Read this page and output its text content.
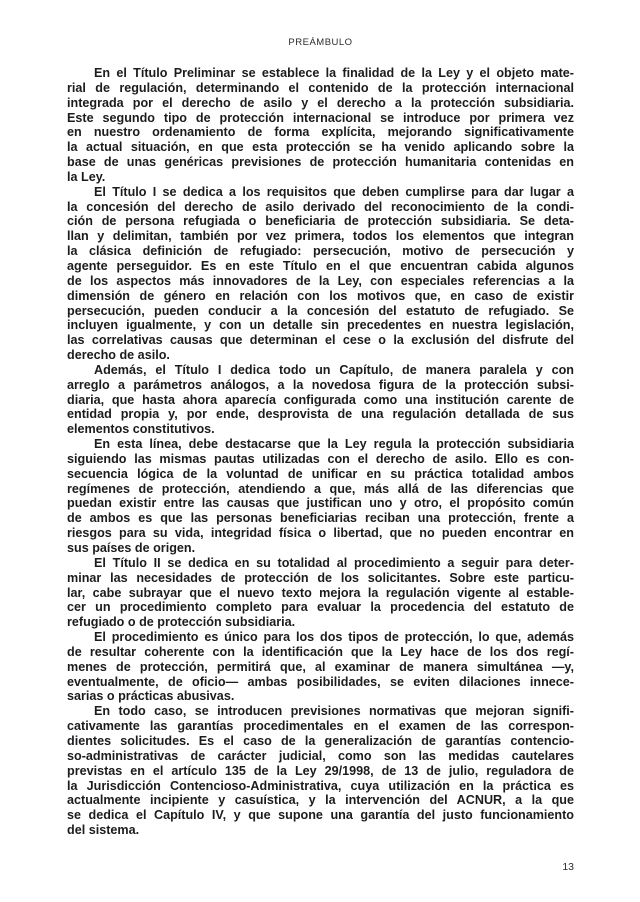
PREÁMBULO
En el Título Preliminar se establece la finalidad de la Ley y el objeto mate-
rial de regulación, determinando el contenido de la protección internacional
integrada por el derecho de asilo y el derecho a la protección subsidiaria.
Este segundo tipo de protección internacional se introduce por primera vez
en nuestro ordenamiento de forma explícita, mejorando significativamente
la actual situación, en que esta protección se ha venido aplicando sobre la
base de unas genéricas previsiones de protección humanitaria contenidas en
la Ley.
El Título I se dedica a los requisitos que deben cumplirse para dar lugar a
la concesión del derecho de asilo derivado del reconocimiento de la condi-
ción de persona refugiada o beneficiaria de protección subsidiaria. Se deta-
llan y delimitan, también por vez primera, todos los elementos que integran
la clásica definición de refugiado: persecución, motivo de persecución y
agente perseguidor. Es en este Título en el que encuentran cabida algunos
de los aspectos más innovadores de la Ley, con especiales referencias a la
dimensión de género en relación con los motivos que, en caso de existir
persecución, pueden conducir a la concesión del estatuto de refugiado. Se
incluyen igualmente, y con un detalle sin precedentes en nuestra legislación,
las correlativas causas que determinan el cese o la exclusión del disfrute del
derecho de asilo.
Además, el Título I dedica todo un Capítulo, de manera paralela y con
arreglo a parámetros análogos, a la novedosa figura de la protección subsi-
diaria, que hasta ahora aparecía configurada como una institución carente de
entidad propia y, por ende, desprovista de una regulación detallada de sus
elementos constitutivos.
En esta línea, debe destacarse que la Ley regula la protección subsidiaria
siguiendo las mismas pautas utilizadas con el derecho de asilo. Ello es con-
secuencia lógica de la voluntad de unificar en su práctica totalidad ambos
regímenes de protección, atendiendo a que, más allá de las diferencias que
puedan existir entre las causas que justifican uno y otro, el propósito común
de ambos es que las personas beneficiarias reciban una protección, frente a
riesgos para su vida, integridad física o libertad, que no pueden encontrar en
sus países de origen.
El Título II se dedica en su totalidad al procedimiento a seguir para deter-
minar las necesidades de protección de los solicitantes. Sobre este particu-
lar, cabe subrayar que el nuevo texto mejora la regulación vigente al estable-
cer un procedimiento completo para evaluar la procedencia del estatuto de
refugiado o de protección subsidiaria.
El procedimiento es único para los dos tipos de protección, lo que, además
de resultar coherente con la identificación que la Ley hace de los dos regí-
menes de protección, permitirá que, al examinar de manera simultánea —y,
eventualmente, de oficio— ambas posibilidades, se eviten dilaciones innece-
sarias o prácticas abusivas.
En todo caso, se introducen previsiones normativas que mejoran signifi-
cativamente las garantías procedimentales en el examen de las correspon-
dientes solicitudes. Es el caso de la generalización de garantías contencio-
so-administrativas de carácter judicial, como son las medidas cautelares
previstas en el artículo 135 de la Ley 29/1998, de 13 de julio, reguladora de
la Jurisdicción Contencioso-Administrativa, cuya utilización en la práctica es
actualmente incipiente y casuística, y la intervención del ACNUR, a la que
se dedica el Capítulo IV, y que supone una garantía del justo funcionamiento
del sistema.
13
